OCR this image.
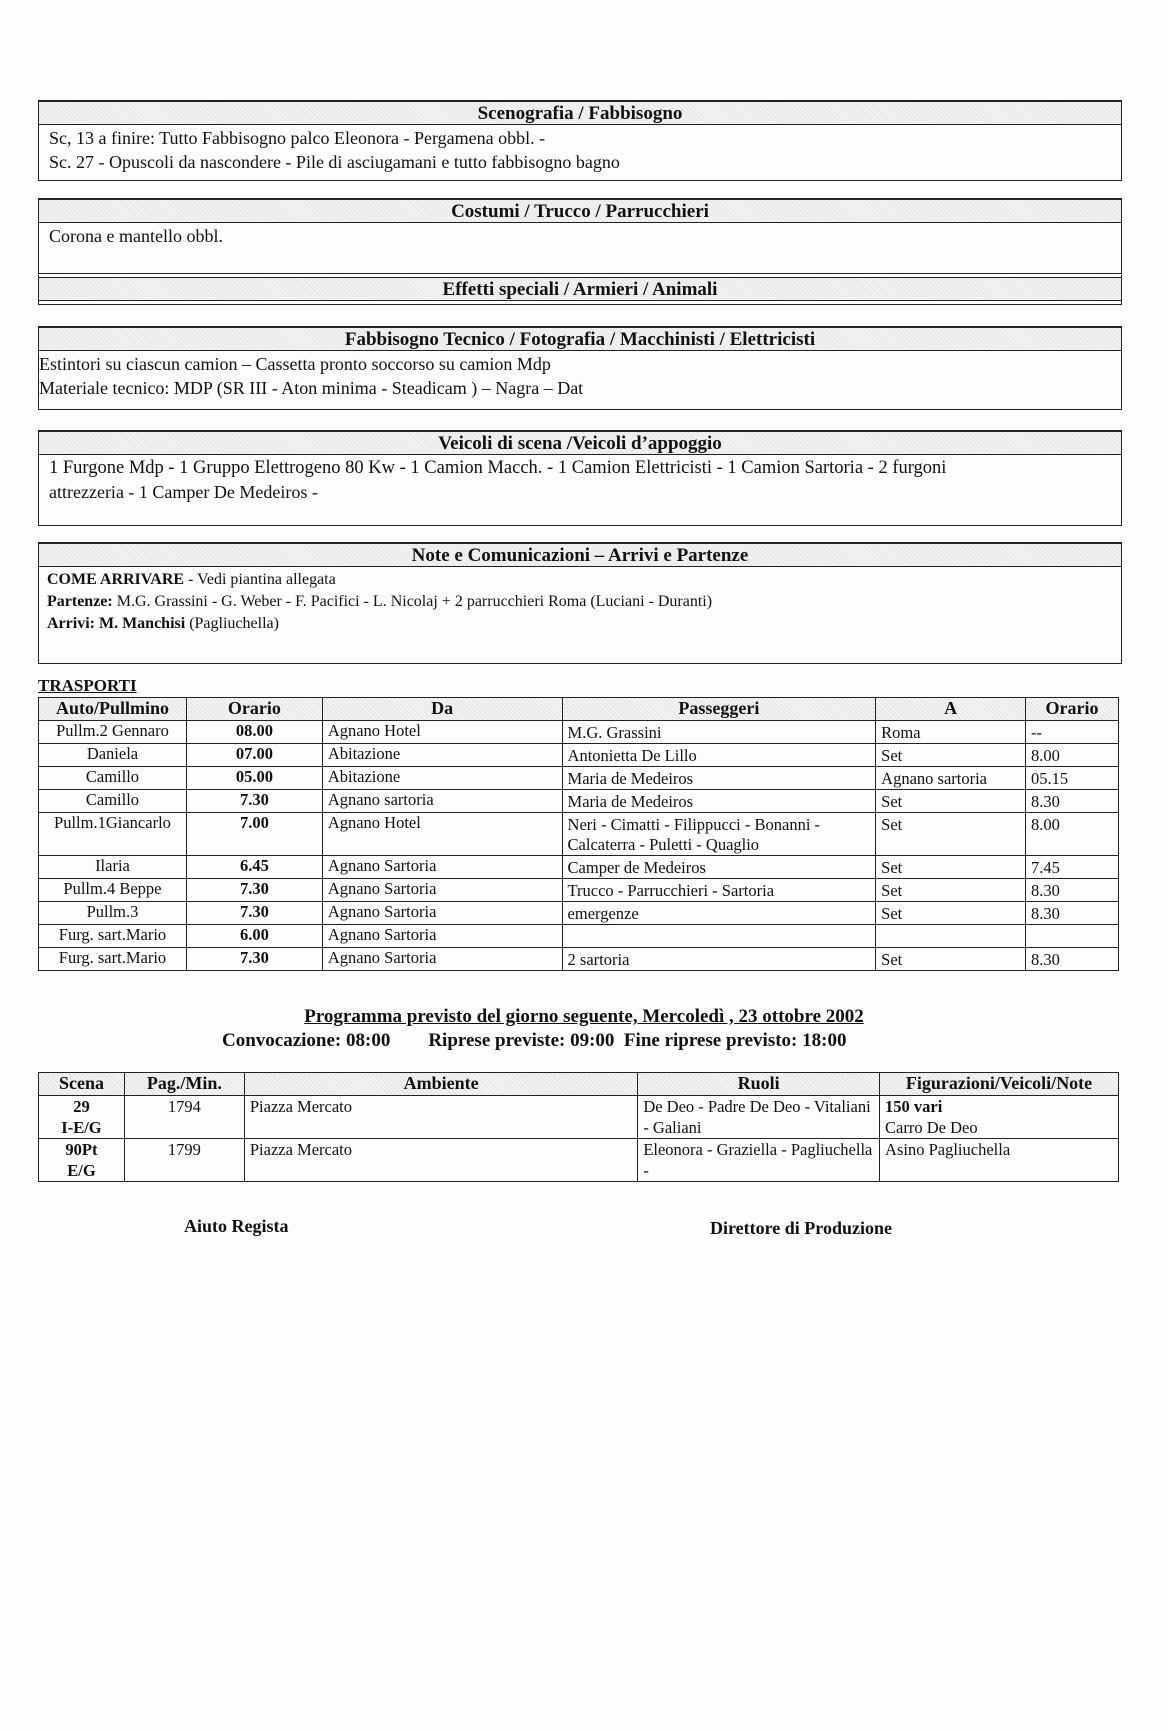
Scenografia / Fabbisogno
Sc, 13 a finire: Tutto Fabbisogno palco Eleonora - Pergamena obbl. -
Sc. 27 - Opuscoli da nascondere - Pile di asciugamani e tutto fabbisogno bagno
Costumi / Trucco / Parrucchieri
Corona e mantello obbl.
Effetti speciali / Armieri / Animali
Fabbisogno Tecnico / Fotografia / Macchinisti / Elettricisti
Estintori su ciascun camion – Cassetta pronto soccorso su camion Mdp
Materiale tecnico: MDP (SR III - Aton minima - Steadicam ) – Nagra – Dat
Veicoli di scena /Veicoli d’appoggio
1 Furgone Mdp - 1 Gruppo Elettrogeno 80 Kw - 1 Camion Macch. - 1 Camion Elettricisti - 1 Camion Sartoria - 2 furgoni
attrezzeria - 1 Camper De Medeiros -
Note e Comunicazioni – Arrivi e Partenze
COME ARRIVARE - Vedi piantina allegata
Partenze: M.G. Grassini - G. Weber - F. Pacifici - L. Nicolaj + 2 parrucchieri Roma (Luciani - Duranti)
Arrivi: M. Manchisi (Pagliuchella)
TRASPORTI
Auto/Pullmino	Orario	Da	Passeggeri	A	Orario
Pullm.2 Gennaro	08.00	Agnano Hotel	M.G. Grassini	Roma	--
Daniela	07.00	Abitazione	Antonietta De Lillo	Set	8.00
Camillo	05.00	Abitazione	Maria de Medeiros	Agnano sartoria	05.15
Camillo	7.30	Agnano sartoria	Maria de Medeiros	Set	8.30
Pullm.1Giancarlo	7.00	Agnano Hotel	Neri - Cimatti - Filippucci - Bonanni - Calcaterra - Puletti - Quaglio	Set	8.00
Ilaria	6.45	Agnano Sartoria	Camper de Medeiros	Set	7.45
Pullm.4 Beppe	7.30	Agnano Sartoria	Trucco - Parrucchieri - Sartoria	Set	8.30
Pullm.3	7.30	Agnano Sartoria	emergenze	Set	8.30
Furg. sart.Mario	6.00	Agnano Sartoria			
Furg. sart.Mario	7.30	Agnano Sartoria	2 sartoria	Set	8.30
Programma previsto del giorno seguente, Mercoledì , 23 ottobre 2002
Convocazione: 08:00        Riprese previste: 09:00  Fine riprese previsto: 18:00
Scena	Pag./Min.	Ambiente	Ruoli	Figurazioni/Veicoli/Note
29
I-E/G	1794	Piazza Mercato	De Deo - Padre De Deo - Vitaliani - Galiani	150 vari
Carro De Deo
90Pt
E/G	1799	Piazza Mercato	Eleonora - Graziella - Pagliuchella -	Asino Pagliuchella
Aiuto Regista	Direttore di Produzione
